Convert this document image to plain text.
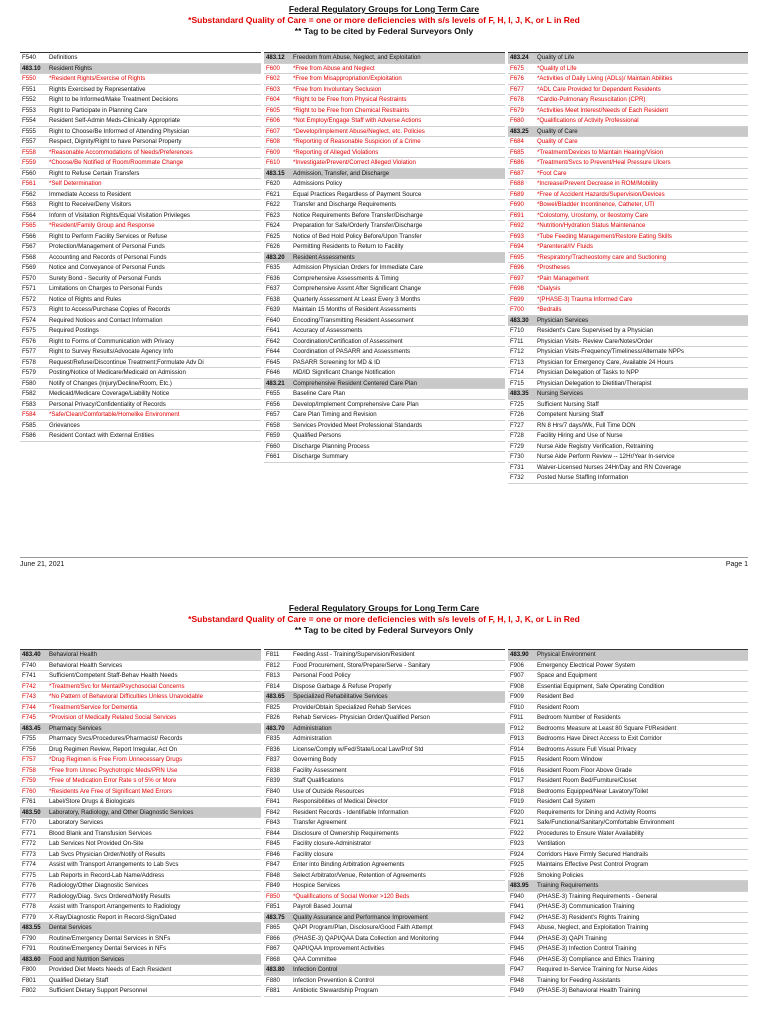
Federal Regulatory Groups for Long Term Care
*Substandard Quality of Care = one or more deficiencies with s/s levels of F, H, I, J, K, or L in Red
** Tag to be cited by Federal Surveyors Only
F540	Definitions
483.10	Resident Rights
F550	*Resident Rights/Exercise of Rights
F551	Rights Exercised by Representative
F552	Right to be Informed/Make Treatment Decisions
F553	Right to Participate in Planning Care
F554	Resident Self-Admin Meds-Clinically Appropriate
F555	Right to Choose/Be Informed of Attending Physician
F557	Respect, Dignity/Right to have Personal Property
F558	*Reasonable Accommodations of Needs/Preferences
F559	*Choose/Be Notified of Room/Roommate Change
F560	Right to Refuse Certain Transfers
F561	*Self Determination
F562	Immediate Access to Resident
F563	Right to Receive/Deny Visitors
F564	Inform of Visitation Rights/Equal Visitation Privileges
F565	*Resident/Family Group and Response
F566	Right to Perform Facility Services or Refuse
F567	Protection/Management of Personal Funds
F568	Accounting and Records of Personal Funds
F569	Notice and Conveyance of Personal Funds
F570	Surety Bond - Security of Personal Funds
F571	Limitations on Charges to Personal Funds
F572	Notice of Rights and Rules
F573	Right to Access/Purchase Copies of Records
F574	Required Notices and Contact Information
F575	Required Postings
F576	Right to Forms of Communication with Privacy
F577	Right to Survey Results/Advocate Agency Info
F578	Request/Refuse/Discontinue Treatment;Formulate Adv Di
F579	Posting/Notice of Medicare/Medicaid on Admission
F580	Notify of Changes (Injury/Decline/Room, Etc.)
F582	Medicaid/Medicare Coverage/Liability Notice
F583	Personal Privacy/Confidentiality of Records
F584	*Safe/Clean/Comfortable/Homelike Environment
F585	Grievances
F586	Resident Contact with External Entities
483.12	Freedom from Abuse, Neglect, and Exploitation
F600	*Free from Abuse and Neglect
F602	*Free from Misappropriation/Exploitation
F603	*Free from Involuntary Seclusion
F604	*Right to be Free from Physical Restraints
F605	*Right to be Free from Chemical Restraints
F606	*Not Employ/Engage Staff with Adverse Actions
F607	*Develop/Implement Abuse/Neglect, etc. Policies
F608	*Reporting of Reasonable Suspicion of a Crime
F609	*Reporting of Alleged Violations
F610	*Investigate/Prevent/Correct Alleged Violation
483.15	Admission, Transfer, and Discharge
F620	Admissions Policy
F621	Equal Practices Regardless of Payment Source
F622	Transfer and Discharge Requirements
F623	Notice Requirements Before Transfer/Discharge
F624	Preparation for Safe/Orderly Transfer/Discharge
F625	Notice of Bed Hold Policy Before/Upon Transfer
F626	Permitting Residents to Return to Facility
483.20	Resident Assessments
F635	Admission Physician Orders for Immediate Care
F636	Comprehensive Assessments & Timing
F637	Comprehensive Assmt After Significant Change
F638	Quarterly Assessment At Least Every 3 Months
F639	Maintain 15 Months of Resident Assessments
F640	Encoding/Transmitting Resident Assessment
F641	Accuracy of Assessments
F642	Coordination/Certification of Assessment
F644	Coordination of PASARR and Assessments
F645	PASARR Screening for MD & ID
F646	MD/ID Significant Change Notification
483.21	Comprehensive Resident Centered Care Plan
F655	Baseline Care Plan
F656	Develop/Implement Comprehensive Care Plan
F657	Care Plan Timing and Revision
F658	Services Provided Meet Professional Standards
F659	Qualified Persons
F660	Discharge Planning Process
F661	Discharge Summary
483.24	Quality of Life
F675	*Quality of Life
F676	*Activities of Daily Living (ADLs)/ Maintain Abilities
F677	*ADL Care Provided for Dependent Residents
F678	*Cardio-Pulmonary Resuscitation (CPR)
F679	*Activities Meet Interest/Needs of Each Resident
F680	*Qualifications of Activity Professional
483.25	Quality of Care
F684	Quality of Care
F685	*Treatment/Devices to Maintain Hearing/Vision
F686	*Treatment/Svcs to Prevent/Heal Pressure Ulcers
F687	*Foot Care
F688	*Increase/Prevent Decrease in ROM/Mobility
F689	*Free of Accident Hazards/Supervision/Devices
F690	*Bowel/Bladder Incontinence, Catheter, UTI
F691	*Colostomy, Urostomy, or Ileostomy Care
F692	*Nutrition/Hydration Status Maintenance
F693	*Tube Feeding Management/Restore Eating Skills
F694	*Parenteral/IV Fluids
F695	*Respiratory/Tracheostomy care and Suctioning
F696	*Prostheses
F697	*Pain Management
F698	*Dialysis
F699	*(PHASE-3) Trauma Informed Care
F700	*Bedrails
483.30	Physician Services
F710	Resident's Care Supervised by a Physician
F711	Physician Visits- Review Care/Notes/Order
F712	Physician Visits-Frequency/Timeliness/Alternate NPPs
F713	Physician for Emergency Care, Available 24 Hours
F714	Physician Delegation of Tasks to NPP
F715	Physician Delegation to Dietitian/Therapist
483.35	Nursing Services
F725	Sufficient Nursing Staff
F726	Competent Nursing Staff
F727	RN 8 Hrs/7 days/Wk, Full Time DON
F728	Facility Hiring and Use of Nurse
F729	Nurse Aide Registry Verification, Retraining
F730	Nurse Aide Perform Review -- 12Hr/Year In-service
F731	Waiver-Licensed Nurses 24Hr/Day and RN Coverage
F732	Posted Nurse Staffing Information
June 21, 2021	Page 1
Federal Regulatory Groups for Long Term Care
*Substandard Quality of Care = one or more deficiencies with s/s levels of F, H, I, J, K, or L in Red
** Tag to be cited by Federal Surveyors Only
483.40	Behavioral Health
F740	Behavioral Health Services
F741	Sufficient/Competent Staff-Behav Health Needs
F742	*Treatment/Svc for Mental/Psychosocial Concerns
F743	*No Pattern of Behavioral Difficulties Unless Unavoidable
F744	*Treatment/Service for Dementia
F745	*Provision of Medically Related Social Services
483.45	Pharmacy Services
F755	Pharmacy Svcs/Procedures/Pharmacist/ Records
F756	Drug Regimen Review, Report Irregular, Act On
F757	*Drug Regimen is Free From Unnecessary Drugs
F758	*Free from Unnec Psychotropic Meds/PRN Use
F759	*Free of Medication Error Rate s of 5% or More
F760	*Residents Are Free of Significant Med Errors
F761	Label/Store Drugs & Biologicals
483.50	Laboratory, Radiology, and Other Diagnostic Services
F770	Laboratory Services
F771	Blood Blank and Transfusion Services
F772	Lab Services Not Provided On-Site
F773	Lab Svcs Physician Order/Notify of Results
F774	Assist with Transport Arrangements to Lab Svcs
F775	Lab Reports in Record-Lab Name/Address
F776	Radiology/Other Diagnostic Services
F777	Radiology/Diag. Svcs Ordered/Notify Results
F778	Assist with Transport Arrangements to Radiology
F779	X-Ray/Diagnostic Report in Record-Sign/Dated
483.55	Dental Services
F790	Routine/Emergency Dental Services in SNFs
F791	Routine/Emergency Dental Services in NFs
483.60	Food and Nutrition Services
F800	Provided Diet Meets Needs of Each Resident
F801	Qualified Dietary Staff
F802	Sufficient Dietary Support Personnel
F811	Feeding Asst - Training/Supervision/Resident
F812	Food Procurement, Store/Prepare/Serve - Sanitary
F813	Personal Food Policy
F814	Dispose Garbage & Refuse Properly
483.65	Specialized Rehabilitative Services
F825	Provide/Obtain Specialized Rehab Services
F826	Rehab Services- Physician Order/Qualified Person
483.70	Administration
F835	Administration
F836	License/Comply w/Fed/State/Local Law/Prof Std
F837	Governing Body
F838	Facility Assessment
F839	Staff Qualifications
F840	Use of Outside Resources
F841	Responsibilities of Medical Director
F842	Resident Records - Identifiable Information
F843	Transfer Agreement
F844	Disclosure of Ownership Requirements
F845	Facility closure-Administrator
F846	Facility closure
F847	Enter into Binding Arbitration Agreements
F848	Select Arbitrator/Venue, Retention of Agreements
F849	Hospice Services
F850	*Qualifications of Social Worker >120 Beds
F851	Payroll Based Journal
483.75	Quality Assurance and Performance Improvement
F865	QAPI Program/Plan, Disclosure/Good Faith Attempt
F866	(PHASE-3) QAPI/QAA Data Collection and Monitoring
F867	QAPI/QAA Improvement Activities
F868	QAA Committee
483.80	Infection Control
F880	Infection Prevention & Control
F881	Antibiotic Stewardship Program
483.90	Physical Environment
F906	Emergency Electrical Power System
F907	Space and Equipment
F908	Essential Equipment, Safe Operating Condition
F909	Resident Bed
F910	Resident Room
F911	Bedroom Number of Residents
F912	Bedrooms Measure at Least 80 Square Ft/Resident
F913	Bedrooms Have Direct Access to Exit Corridor
F914	Bedrooms Assure Full Visual Privacy
F915	Resident Room Window
F916	Resident Room Floor Above Grade
F917	Resident Room Bed/Furniture/Closet
F918	Bedrooms Equipped/Near Lavatory/Toilet
F919	Resident Call System
F920	Requirements for Dining and Activity Rooms
F921	Safe/Functional/Sanitary/Comfortable Environment
F922	Procedures to Ensure Water Availability
F923	Ventilation
F924	Corridors Have Firmly Secured Handrails
F925	Maintains Effective Pest Control Program
F926	Smoking Policies
483.95	Training Requirements
F940	(PHASE-3) Training Requirements - General
F941	(PHASE-3) Communication Training
F942	(PHASE-3) Resident's Rights Training
F943	Abuse, Neglect, and Exploitation Training
F944	(PHASE-3) QAPI Training
F945	(PHASE-3) Infection Control Training
F946	(PHASE-3) Compliance and Ethics Training
F947	Required In-Service Training for Nurse Aides
F948	Training for Feeding Assistants
F949	(PHASE-3) Behavioral Health Training
